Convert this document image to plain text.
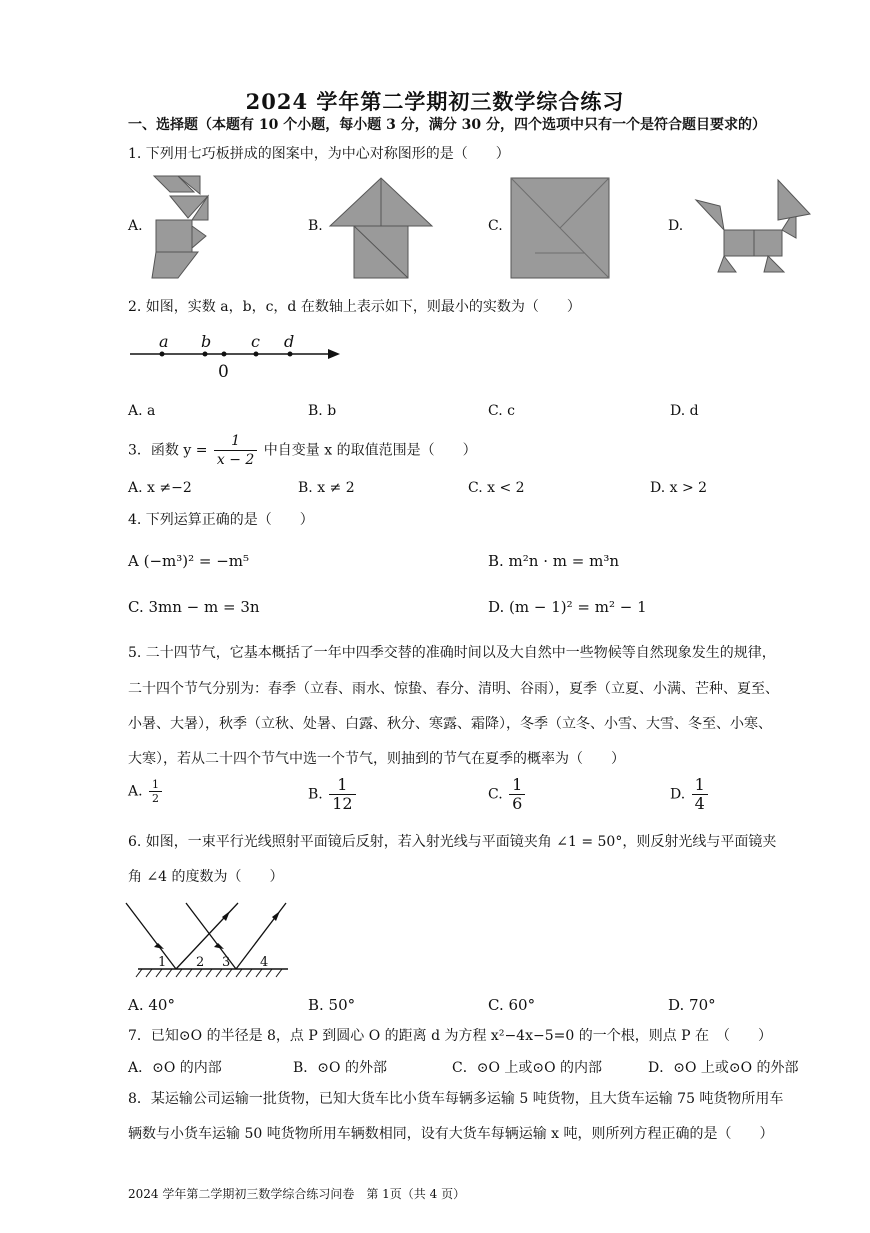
2024 学年第二学期初三数学综合练习
一、选择题（本题有 10 个小题，每小题 3 分，满分 30 分，四个选项中只有一个是符合题目要求的）
1. 下列用七巧板拼成的图案中，为中心对称图形的是（　　）
A.	B.	C.	D.
2. 如图，实数 a，b，c，d 在数轴上表示如下，则最小的实数为（　　）
a b c d
0
A. a	B. b	C. c	D. d
3．函数 $y = \frac{1}{x - 2}$ 中自变量 x 的取值范围是（　　）
A. x ≠−2	B. x ≠ 2	C. x < 2	D. x > 2
4. 下列运算正确的是（　　）
A (−m³)² = −m⁵	B. m²n · m = m³n
C. 3mn − m = 3n	D. (m − 1)² = m² − 1
5. 二十四节气，它基本概括了一年中四季交替的准确时间以及大自然中一些物候等自然现象发生的规律，
二十四个节气分别为：春季（立春、雨水、惊蛰、春分、清明、谷雨），夏季（立夏、小满、芒种、夏至、
小暑、大暑），秋季（立秋、处暑、白露、秋分、寒露、霜降），冬季（立冬、小雪、大雪、冬至、小寒、
大寒），若从二十四个节气中选一个节气，则抽到的节气在夏季的概率为（　　）
A. $\frac{1}{2}$	B. $\frac{1}{12}$	C. $\frac{1}{6}$	D. $\frac{1}{4}$
6. 如图，一束平行光线照射平面镜后反射，若入射光线与平面镜夹角 ∠1 = 50°，则反射光线与平面镜夹
角 ∠4 的度数为（　　）
1 2 3 4
A. 40°	B. 50°	C. 60°	D. 70°
7．已知⊙O 的半径是 8，点 P 到圆心 O 的距离 d 为方程 x²−4x−5=0 的一个根，则点 P 在　（　　）
A．⊙O 的内部	B．⊙O 的外部	C．⊙O 上或⊙O 的内部	D．⊙O 上或⊙O 的外部
8．某运输公司运输一批货物，已知大货车比小货车每辆多运输 5 吨货物，且大货车运输 75 吨货物所用车
辆数与小货车运输 50 吨货物所用车辆数相同，设有大货车每辆运输 x 吨，则所列方程正确的是（　　）
2024 学年第二学期初三数学综合练习问卷　第 1页（共 4 页）
